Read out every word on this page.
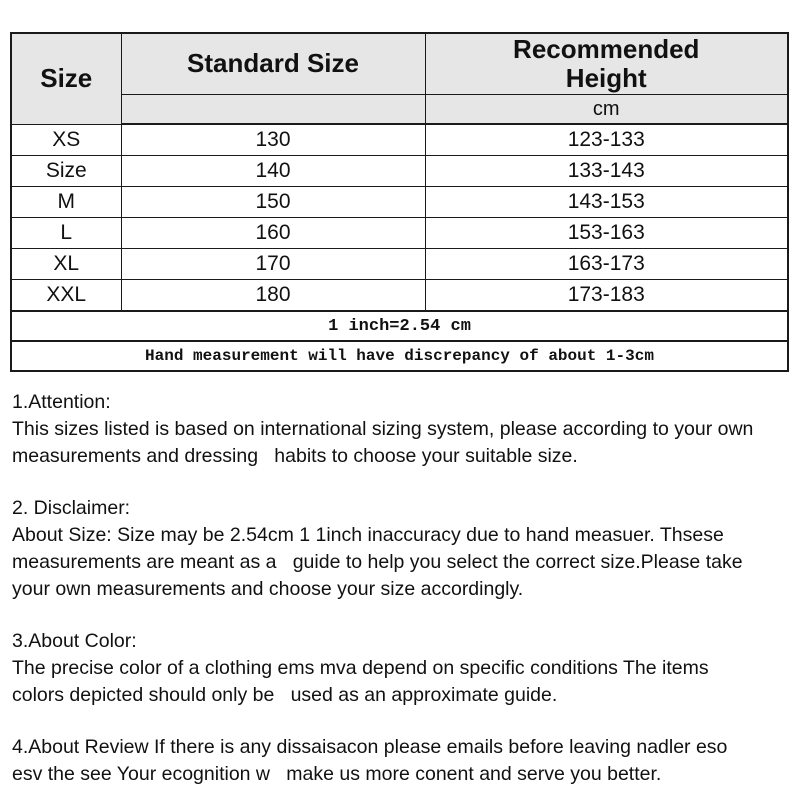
Size	Standard Size	Recommended Height

		cm
XS	130	123-133
Size	140	133-143
M	150	143-153
L	160	153-163
XL	170	163-173
XXL	180	173-183
1 inch=2.54 cm		
Hand measurement will have discrepancy of about 1-3cm		
1.Attention:
This sizes listed is based on international sizing system, please according to your own
measurements and dressing   habits to choose your suitable size.
2. Disclaimer:
About Size: Size may be 2.54cm 1 1inch inaccuracy due to hand measuer. Thsese
measurements are meant as a   guide to help you select the correct size.Please take
your own measurements and choose your size accordingly.
3.About Color:
The precise color of a clothing ems mva depend on specific conditions The items
colors depicted should only be   used as an approximate guide.
4.About Review If there is any dissaisacon please emails before leaving nadler eso
esv the see Your ecognition w   make us more conent and serve you better.
